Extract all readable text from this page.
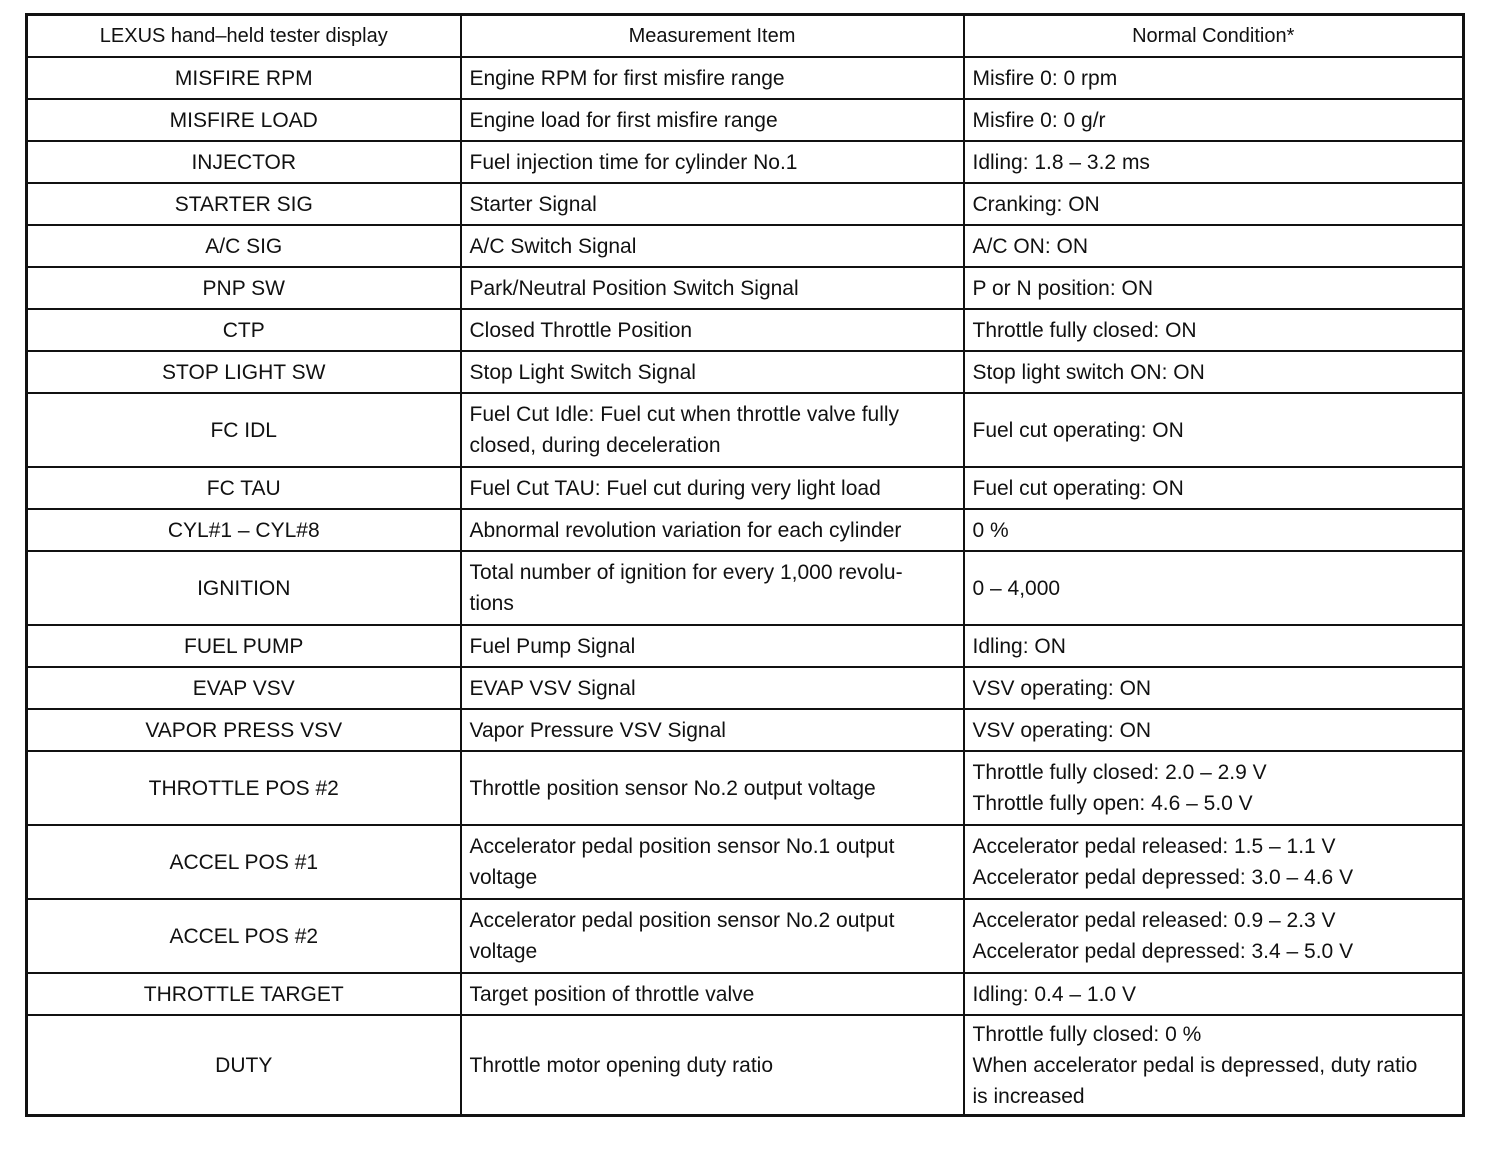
LEXUS hand–held tester display	Measurement Item	Normal Condition*
MISFIRE RPM	Engine RPM for first misfire range	Misfire 0: 0 rpm

MISFIRE LOAD	Engine load for first misfire range	Misfire 0: 0 g/r

INJECTOR	Fuel injection time for cylinder No.1	Idling: 1.8 – 3.2 ms

STARTER SIG	Starter Signal	Cranking: ON

A/C SIG	A/C Switch Signal	A/C ON: ON

PNP SW	Park/Neutral Position Switch Signal	P or N position: ON

CTP	Closed Throttle Position	Throttle fully closed: ON

STOP LIGHT SW	Stop Light Switch Signal	Stop light switch ON: ON

FC IDL	Fuel Cut Idle: Fuel cut when throttle valve fully
closed, during deceleration	Fuel cut operating: ON

FC TAU	Fuel Cut TAU: Fuel cut during very light load	Fuel cut operating: ON

CYL#1 – CYL#8	Abnormal revolution variation for each cylinder	0 %

IGNITION	Total number of ignition for every 1,000 revolu-
tions	0 – 4,000

FUEL PUMP	Fuel Pump Signal	Idling: ON

EVAP VSV	EVAP VSV Signal	VSV operating: ON

VAPOR PRESS VSV	Vapor Pressure VSV Signal	VSV operating: ON

THROTTLE POS #2	Throttle position sensor No.2 output voltage	Throttle fully closed: 2.0 – 2.9 V
Throttle fully open: 4.6 – 5.0 V

ACCEL POS #1	Accelerator pedal position sensor No.1 output
voltage	Accelerator pedal released: 1.5 – 1.1 V
Accelerator pedal depressed: 3.0 – 4.6 V

ACCEL POS #2	Accelerator pedal position sensor No.2 output
voltage	Accelerator pedal released: 0.9 – 2.3 V
Accelerator pedal depressed: 3.4 – 5.0 V

THROTTLE TARGET	Target position of throttle valve	Idling: 0.4 – 1.0 V

DUTY	Throttle motor opening duty ratio	Throttle fully closed: 0 %
When accelerator pedal is depressed, duty ratio
is increased
